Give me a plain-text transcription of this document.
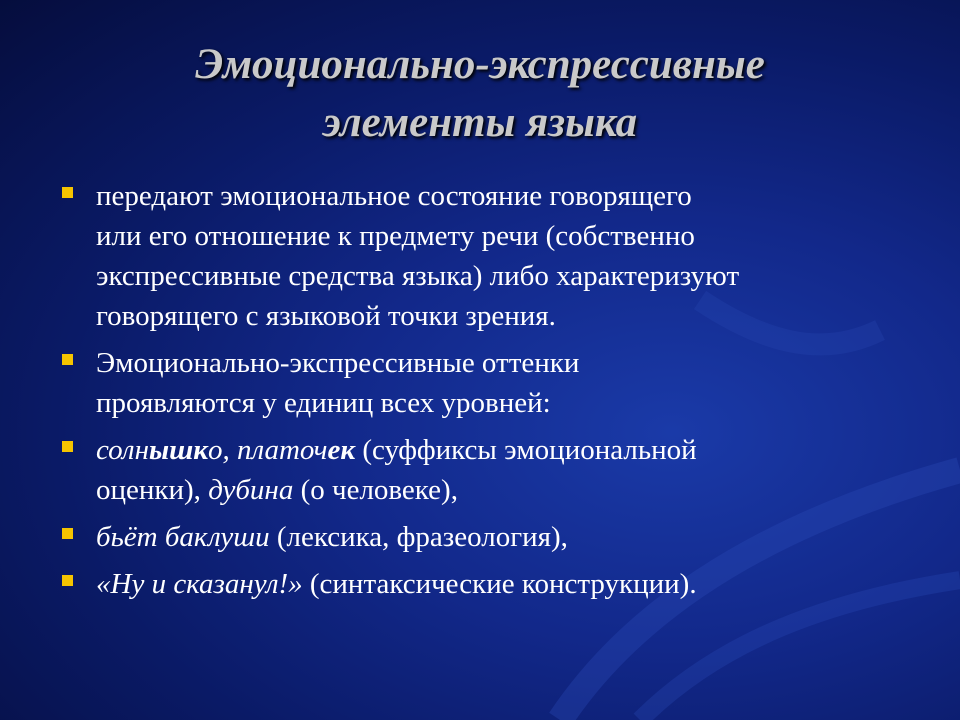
Эмоционально-экспрессивные
элементы языка
передают эмоциональное состояние говорящего
или его отношение к предмету речи (собственно
экспрессивные средства языка) либо характеризуют
говорящего с языковой точки зрения.
Эмоционально-экспрессивные оттенки
проявляются у единиц всех уровней:
солнышко, платочек (суффиксы эмоциональной
оценки), дубина (о человеке),
бьёт баклуши (лексика, фразеология),
«Ну и сказанул!» (синтаксические конструкции).
